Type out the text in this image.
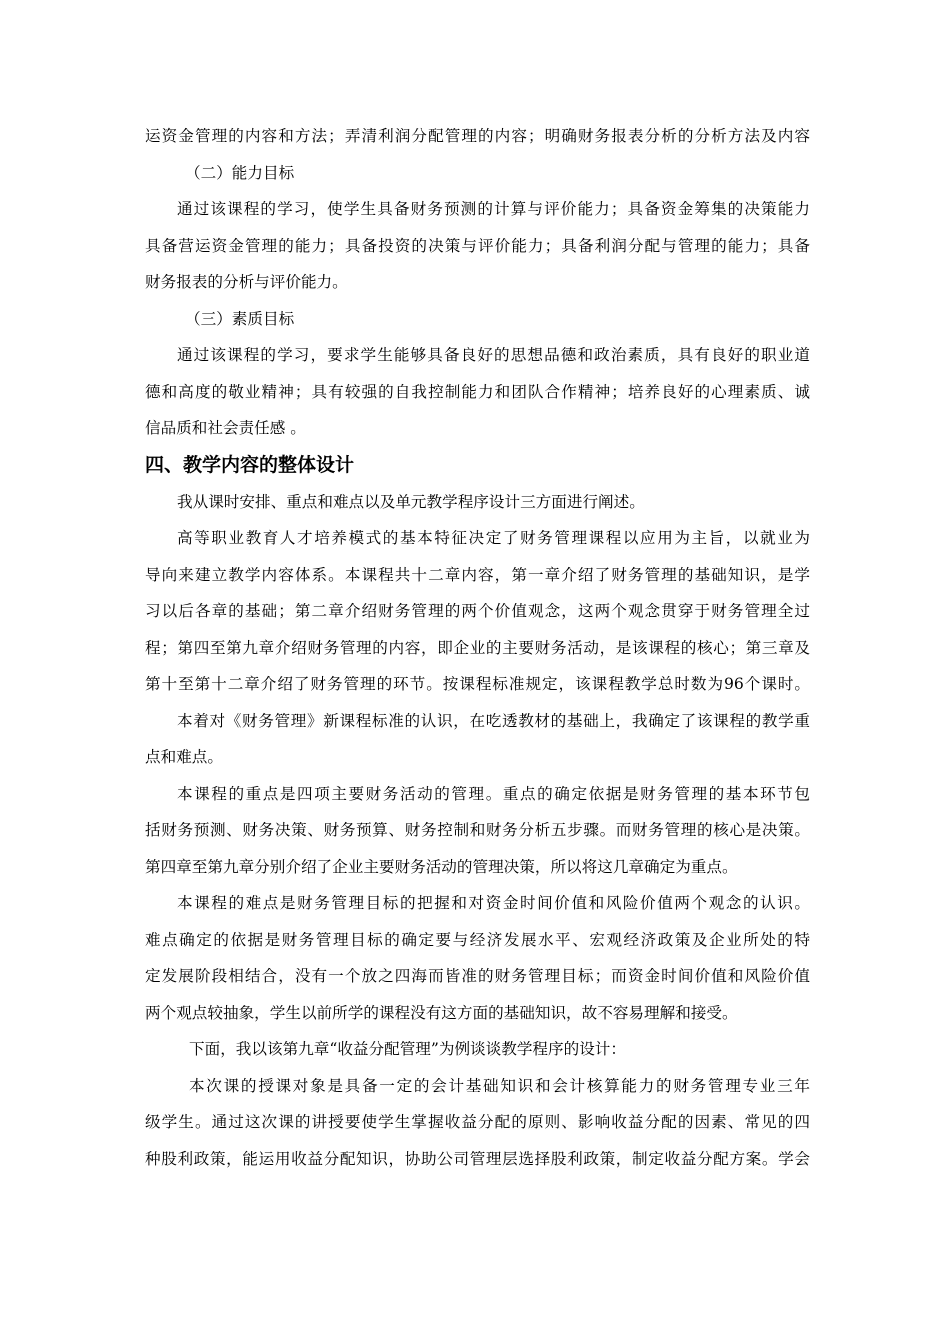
运资金管理的内容和方法；弄清利润分配管理的内容；明确财务报表分析的分析方法及内容
（二）能力目标
通过该课程的学习，使学生具备财务预测的计算与评价能力；具备资金筹集的决策能力
具备营运资金管理的能力；具备投资的决策与评价能力；具备利润分配与管理的能力；具备
财务报表的分析与评价能力。
（三）素质目标
通过该课程的学习，要求学生能够具备良好的思想品德和政治素质，具有良好的职业道
德和高度的敬业精神；具有较强的自我控制能力和团队合作精神；培养良好的心理素质、诚
信品质和社会责任感 。
四、教学内容的整体设计
我从课时安排、重点和难点以及单元教学程序设计三方面进行阐述。
高等职业教育人才培养模式的基本特征决定了财务管理课程以应用为主旨，以就业为
导向来建立教学内容体系。本课程共十二章内容，第一章介绍了财务管理的基础知识，是学
习以后各章的基础；第二章介绍财务管理的两个价值观念，这两个观念贯穿于财务管理全过
程；第四至第九章介绍财务管理的内容，即企业的主要财务活动，是该课程的核心；第三章及
第十至第十二章介绍了财务管理的环节。按课程标准规定，该课程教学总时数为96个课时。
本着对《财务管理》新课程标准的认识，在吃透教材的基础上，我确定了该课程的教学重
点和难点。
本课程的重点是四项主要财务活动的管理。重点的确定依据是财务管理的基本环节包
括财务预测、财务决策、财务预算、财务控制和财务分析五步骤。而财务管理的核心是决策。
第四章至第九章分别介绍了企业主要财务活动的管理决策，所以将这几章确定为重点。
本课程的难点是财务管理目标的把握和对资金时间价值和风险价值两个观念的认识。
难点确定的依据是财务管理目标的确定要与经济发展水平、宏观经济政策及企业所处的特
定发展阶段相结合，没有一个放之四海而皆准的财务管理目标；而资金时间价值和风险价值
两个观点较抽象，学生以前所学的课程没有这方面的基础知识，故不容易理解和接受。
下面，我以该第九章“收益分配管理”为例谈谈教学程序的设计：
本次课的授课对象是具备一定的会计基础知识和会计核算能力的财务管理专业三年
级学生。通过这次课的讲授要使学生掌握收益分配的原则、影响收益分配的因素、常见的四
种股利政策，能运用收益分配知识，协助公司管理层选择股利政策，制定收益分配方案。学会
